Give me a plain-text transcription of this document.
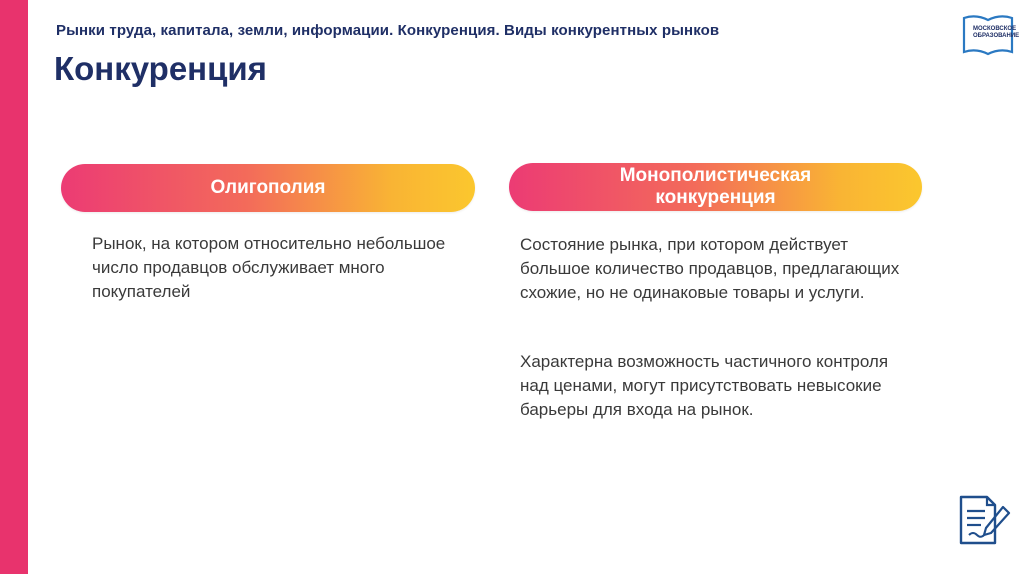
Рынки труда, капитала, земли, информации. Конкуренция. Виды конкурентных рынков
Конкуренция
МОСКОВСКОЕ
ОБРАЗОВАНИЕ
Олигополия
Рынок, на котором относительно небольшое число продавцов обслуживает много покупателей
Монополистическая конкуренция
Состояние рынка, при котором действует большое количество продавцов, предлагающих схожие, но не одинаковые товары и услуги.
Характерна возможность частичного контроля над ценами, могут присутствовать невысокие барьеры для входа на рынок.
